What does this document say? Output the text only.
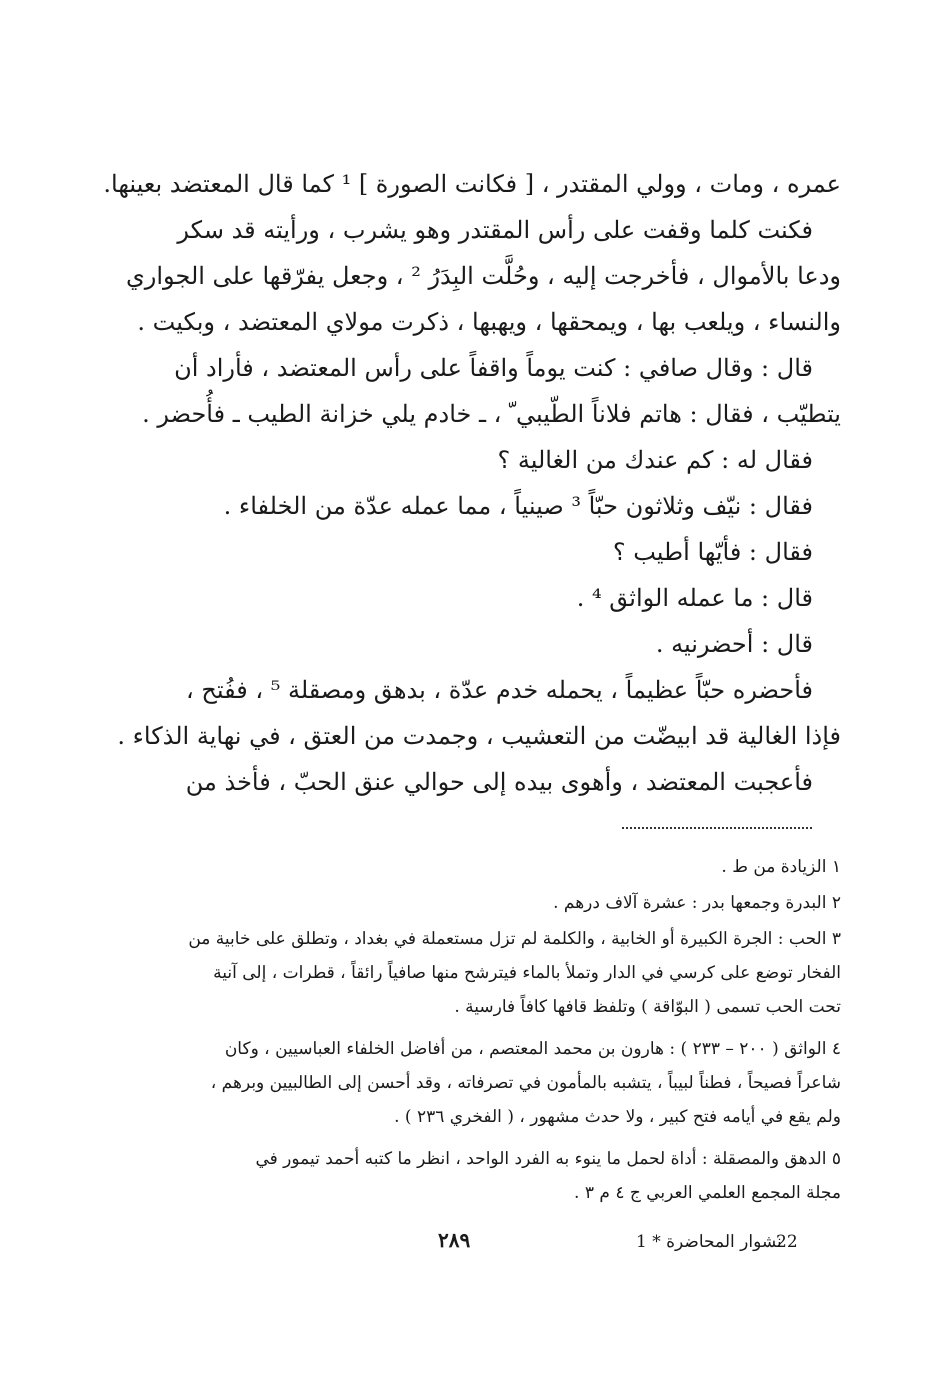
عمره ، ومات ، وولي المقتدر ، [ فكانت الصورة ] ¹ كما قال المعتضد بعينها.
فكنت كلما وقفت على رأس المقتدر وهو يشرب ، ورأيته قد سكر
ودعا بالأموال ، فأخرجت إليه ، وحُلَّت البِدَرُ ² ، وجعل يفرّقها على الجواري
والنساء ، ويلعب بها ، ويمحقها ، ويهبها ، ذكرت مولاي المعتضد ، وبكيت .
قال : وقال صافي : كنت يوماً واقفاً على رأس المعتضد ، فأراد أن
يتطيّب ، فقال : هاتم فلاناً الطّيبي ّ ، ـ خادم يلي خزانة الطيب ـ فأُحضر .
فقال له : كم عندك من الغالية ؟
فقال : نيّف وثلاثون حبّاً ³ صينياً ، مما عمله عدّة من الخلفاء .
فقال : فأيّها أطيب ؟
قال : ما عمله الواثق ⁴ .
قال : أحضرنيه .
فأحضره حبّاً عظيماً ، يحمله خدم عدّة ، بدهق ومصقلة ⁵ ، ففُتح ،
فإذا الغالية قد ابيضّت من التعشيب ، وجمدت من العتق ، في نهاية الذكاء .
فأعجبت المعتضد ، وأهوى بيده إلى حوالي عنق الحبّ ، فأخذ من
١ الزيادة من ط .
٢ البدرة وجمعها بدر : عشرة آلاف درهم .
٣ الحب : الجرة الكبيرة أو الخابية ، والكلمة لم تزل مستعملة في بغداد ، وتطلق على خابية من
الفخار توضع على كرسي في الدار وتملأ بالماء فيترشح منها صافياً رائقاً ، قطرات ، إلى آنية
تحت الحب تسمى ( البوّاقة ) وتلفظ قافها كافاً فارسية .
٤ الواثق ( ٢٠٠ – ٢٣٣ ) : هارون بن محمد المعتصم ، من أفاضل الخلفاء العباسيين ، وكان
شاعراً فصيحاً ، فطناً لبيباً ، يتشبه بالمأمون في تصرفاته ، وقد أحسن إلى الطالبيين وبرهم ،
ولم يقع في أيامه فتح كبير ، ولا حدث مشهور ، ( الفخري ٢٣٦ ) .
٥ الدهق والمصقلة : أداة لحمل ما ينوء به الفرد الواحد ، انظر ما كتبه أحمد تيمور في
مجلة المجمع العلمي العربي ج ٤ م ٣ .
٢٨٩	نشوار المحاضرة * 1
22
